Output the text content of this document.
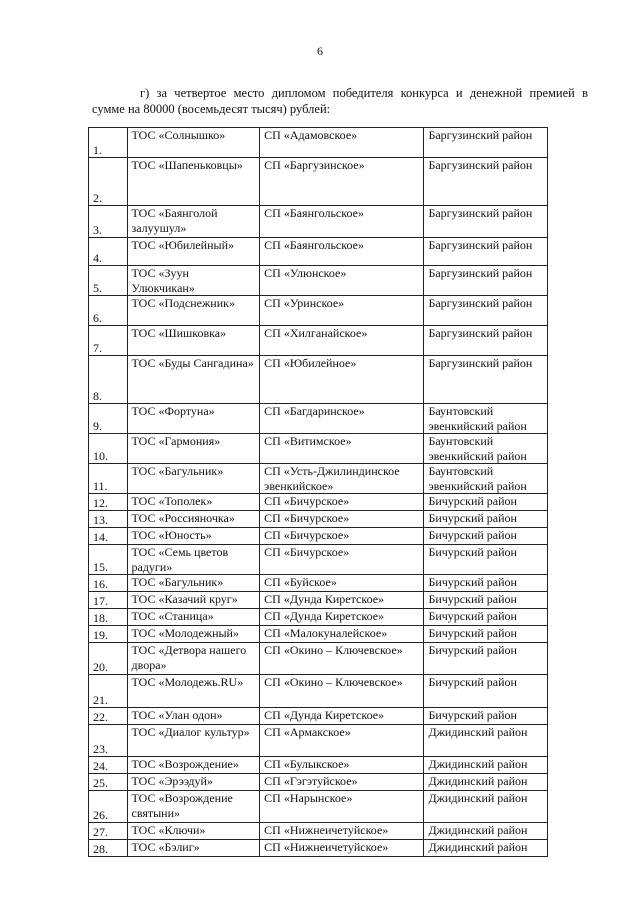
6
г) за четвертое место дипломом победителя конкурса и денежной премией в
сумме на 80000 (восемьдесят тысяч) рублей:
1.	ТОС «Солнышко»	СП «Адамовское»	Баргузинский район
2.	ТОС «Шапеньковцы»	СП «Баргузинское»	Баргузинский район
3.	ТОС «Баянголой залуушул»	СП «Баянгольское»	Баргузинский район
4.	ТОС «Юбилейный»	СП «Баянгольское»	Баргузинский район
5.	ТОС «Зуун Улюкчикан»	СП «Улюнское»	Баргузинский район
6.	ТОС «Подснежник»	СП «Уринское»	Баргузинский район
7.	ТОС «Шишковка»	СП «Хилганайское»	Баргузинский район
8.	ТОС «Буды Сангадина»	СП «Юбилейное»	Баргузинский район
9.	ТОС «Фортуна»	СП «Багдаринское»	Баунтовский эвенкийский район
10.	ТОС «Гармония»	СП «Витимское»	Баунтовский эвенкийский район
11.	ТОС «Багульник»	СП «Усть-Джилиндинское эвенкийское»	Баунтовский эвенкийский район
12.	ТОС «Тополек»	СП «Бичурское»	Бичурский район
13.	ТОС «Россияночка»	СП «Бичурское»	Бичурский район
14.	ТОС «Юность»	СП «Бичурское»	Бичурский район
15.	ТОС «Семь цветов радуги»	СП «Бичурское»	Бичурский район
16.	ТОС «Багульник»	СП «Буйское»	Бичурский район
17.	ТОС «Казачий круг»	СП «Дунда Киретское»	Бичурский район
18.	ТОС «Станица»	СП «Дунда Киретское»	Бичурский район
19.	ТОС «Молодежный»	СП «Малокуналейское»	Бичурский район
20.	ТОС «Детвора нашего двора»	СП «Окино – Ключевское»	Бичурский район
21.	ТОС «Молодежь.RU»	СП «Окино – Ключевское»	Бичурский район
22.	ТОС «Улан одон»	СП «Дунда Киретское»	Бичурский район
23.	ТОС «Диалог культур»	СП «Армакское»	Джидинский район
24.	ТОС «Возрождение»	СП «Булыкское»	Джидинский район
25.	ТОС «Эрээдуй»	СП «Гэгэтуйское»	Джидинский район
26.	ТОС «Возрождение святыни»	СП «Нарынское»	Джидинский район
27.	ТОС «Ключи»	СП «Нижнеичетуйское»	Джидинский район
28.	ТОС «Бэлиг»	СП «Нижнеичетуйское»	Джидинский район
